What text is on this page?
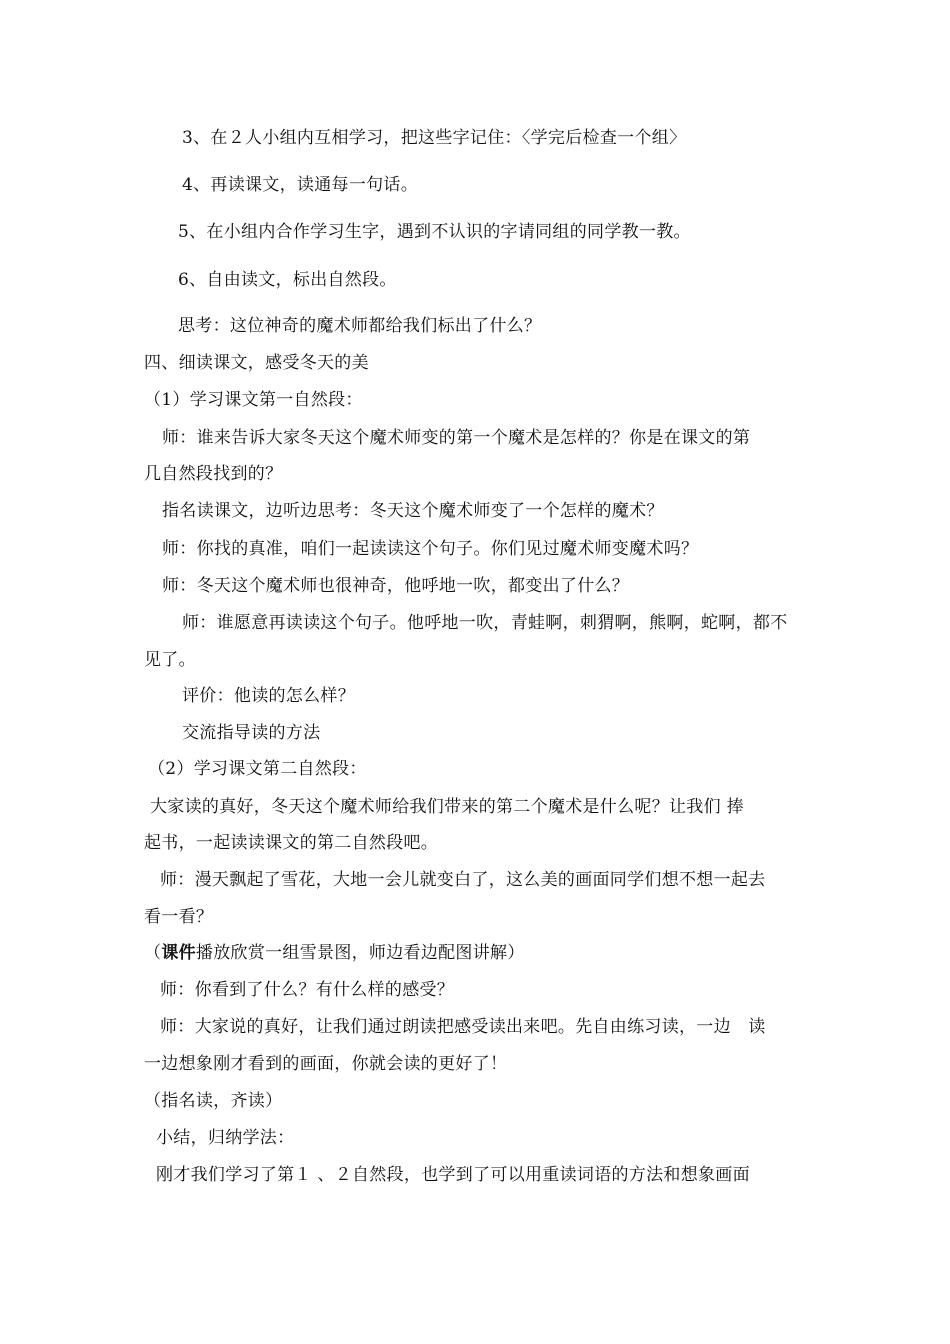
3、在２人小组内互相学习，把这些字记住：〈学完后检查一个组〉
4、再读课文，读通每一句话。
5、在小组内合作学习生字，遇到不认识的字请同组的同学教一教。
6、自由读文，标出自然段。
思考：这位神奇的魔术师都给我们标出了什么？
四、细读课文，感受冬天的美
（1）学习课文第一自然段：
师：谁来告诉大家冬天这个魔术师变的第一个魔术是怎样的？你是在课文的第
几自然段找到的？
指名读课文，边听边思考：冬天这个魔术师变了一个怎样的魔术？
师：你找的真准，咱们一起读读这个句子。你们见过魔术师变魔术吗？
师：冬天这个魔术师也很神奇，他呼地一吹，都变出了什么？
师：谁愿意再读读这个句子。他呼地一吹，青蛙啊，刺猬啊，熊啊，蛇啊，都不
见了。
评价：他读的怎么样？
交流指导读的方法
（2）学习课文第二自然段：
大家读的真好，冬天这个魔术师给我们带来的第二个魔术是什么呢？让我们 捧
起书，一起读读课文的第二自然段吧。
师：漫天飘起了雪花，大地一会儿就变白了，这么美的画面同学们想不想一起去
看一看？
（课件播放欣赏一组雪景图，师边看边配图讲解）
师：你看到了什么？有什么样的感受？
师：大家说的真好，让我们通过朗读把感受读出来吧。先自由练习读，一边　读
一边想象刚才看到的画面，你就会读的更好了！
（指名读，齐读）
小结，归纳学法：
刚才我们学习了第１ 、２自然段，也学到了可以用重读词语的方法和想象画面
